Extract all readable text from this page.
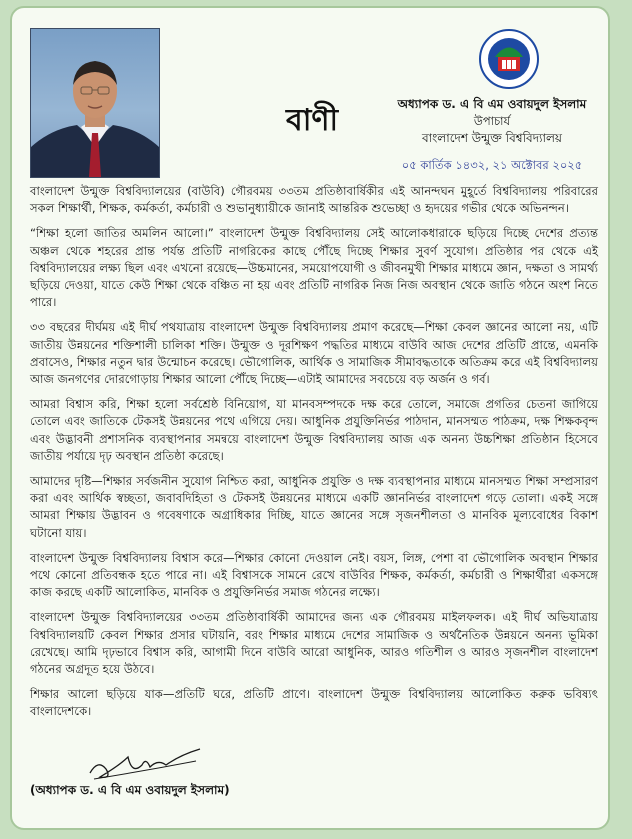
বাণী	অধ্যাপক ড. এ বি এম ওবায়দুল ইসলাম
উপাচার্য
বাংলাদেশ উন্মুক্ত বিশ্ববিদ্যালয়
০৫ কার্তিক ১৪৩২, ২১ অক্টোবর ২০২৫

বাংলাদেশ উন্মুক্ত বিশ্ববিদ্যালয়ের (বাউবি) গৌরবময় ৩৩তম প্রতিষ্ঠাবার্ষিকীর এই আনন্দঘন মুহূর্তে বিশ্ববিদ্যালয় পরিবারের সকল শিক্ষার্থী, শিক্ষক, কর্মকর্তা, কর্মচারী ও শুভানুধ্যায়ীকে জানাই আন্তরিক শুভেচ্ছা ও হৃদয়ের গভীর থেকে অভিনন্দন।

“শিক্ষা হলো জাতির অমলিন আলো।” বাংলাদেশ উন্মুক্ত বিশ্ববিদ্যালয় সেই আলোকধারাকে ছড়িয়ে দিচ্ছে দেশের প্রত্যন্ত অঞ্চল থেকে শহরের প্রান্ত পর্যন্ত প্রতিটি নাগরিকের কাছে পৌঁছে দিচ্ছে শিক্ষার সুবর্ণ সুযোগ। প্রতিষ্ঠার পর থেকে এই বিশ্ববিদ্যালয়ের লক্ষ্য ছিল এবং এখনো রয়েছে—উচ্চমানের, সময়োপযোগী ও জীবনমুখী শিক্ষার মাধ্যমে জ্ঞান, দক্ষতা ও সামর্থ্য ছড়িয়ে দেওয়া, যাতে কেউ শিক্ষা থেকে বঞ্চিত না হয় এবং প্রতিটি নাগরিক নিজ নিজ অবস্থান থেকে জাতি গঠনে অংশ নিতে পারে।

৩৩ বছরের দীর্ঘময় এই দীর্ঘ পথযাত্রায় বাংলাদেশ উন্মুক্ত বিশ্ববিদ্যালয় প্রমাণ করেছে—শিক্ষা কেবল জ্ঞানের আলো নয়, এটি জাতীয় উন্নয়নের শক্তিশালী চালিকা শক্তি। উন্মুক্ত ও দূরশিক্ষণ পদ্ধতির মাধ্যমে বাউবি আজ দেশের প্রতিটি প্রান্তে, এমনকি প্রবাসেও, শিক্ষার নতুন দ্বার উন্মোচন করেছে। ভৌগোলিক, আর্থিক ও সামাজিক সীমাবদ্ধতাকে অতিক্রম করে এই বিশ্ববিদ্যালয় আজ জনগণের দোরগোড়ায় শিক্ষার আলো পৌঁছে দিচ্ছে—এটাই আমাদের সবচেয়ে বড় অর্জন ও গর্ব।

আমরা বিশ্বাস করি, শিক্ষা হলো সর্বশ্রেষ্ঠ বিনিয়োগ, যা মানবসম্পদকে দক্ষ করে তোলে, সমাজে প্রগতির চেতনা জাগিয়ে তোলে এবং জাতিকে টেকসই উন্নয়নের পথে এগিয়ে দেয়। আধুনিক প্রযুক্তিনির্ভর পাঠদান, মানসম্মত পাঠক্রম, দক্ষ শিক্ষকবৃন্দ এবং উদ্ভাবনী প্রশাসনিক ব্যবস্থাপনার সমন্বয়ে বাংলাদেশ উন্মুক্ত বিশ্ববিদ্যালয় আজ এক অনন্য উচ্চশিক্ষা প্রতিষ্ঠান হিসেবে জাতীয় পর্যায়ে দৃঢ় অবস্থান প্রতিষ্ঠা করেছে।

আমাদের দৃষ্টি—শিক্ষার সর্বজনীন সুযোগ নিশ্চিত করা, আধুনিক প্রযুক্তি ও দক্ষ ব্যবস্থাপনার মাধ্যমে মানসম্মত শিক্ষা সম্প্রসারণ করা এবং আর্থিক স্বচ্ছতা, জবাবদিহিতা ও টেকসই উন্নয়নের মাধ্যমে একটি জ্ঞাননির্ভর বাংলাদেশ গড়ে তোলা। একই সঙ্গে আমরা শিক্ষায় উদ্ভাবন ও গবেষণাকে অগ্রাধিকার দিচ্ছি, যাতে জ্ঞানের সঙ্গে সৃজনশীলতা ও মানবিক মূল্যবোধের বিকাশ ঘটানো যায়।

বাংলাদেশ উন্মুক্ত বিশ্ববিদ্যালয় বিশ্বাস করে—শিক্ষার কোনো দেওয়াল নেই। বয়স, লিঙ্গ, পেশা বা ভৌগোলিক অবস্থান শিক্ষার পথে কোনো প্রতিবন্ধক হতে পারে না। এই বিশ্বাসকে সামনে রেখে বাউবির শিক্ষক, কর্মকর্তা, কর্মচারী ও শিক্ষার্থীরা একসঙ্গে কাজ করছে একটি আলোকিত, মানবিক ও প্রযুক্তিনির্ভর সমাজ গঠনের লক্ষ্যে।

বাংলাদেশ উন্মুক্ত বিশ্ববিদ্যালয়ের ৩৩তম প্রতিষ্ঠাবার্ষিকী আমাদের জন্য এক গৌরবময় মাইলফলক। এই দীর্ঘ অভিযাত্রায় বিশ্ববিদ্যালয়টি কেবল শিক্ষার প্রসার ঘটায়নি, বরং শিক্ষার মাধ্যমে দেশের সামাজিক ও অর্থনৈতিক উন্নয়নে অনন্য ভূমিকা রেখেছে। আমি দৃঢ়ভাবে বিশ্বাস করি, আগামী দিনে বাউবি আরো আধুনিক, আরও গতিশীল ও আরও সৃজনশীল বাংলাদেশ গঠনের অগ্রদূত হয়ে উঠবে।

শিক্ষার আলো ছড়িয়ে যাক—প্রতিটি ঘরে, প্রতিটি প্রাণে। বাংলাদেশ উন্মুক্ত বিশ্ববিদ্যালয় আলোকিত করুক ভবিষ্যৎ বাংলাদেশকে।

(অধ্যাপক ড. এ বি এম ওবায়দুল ইসলাম)
